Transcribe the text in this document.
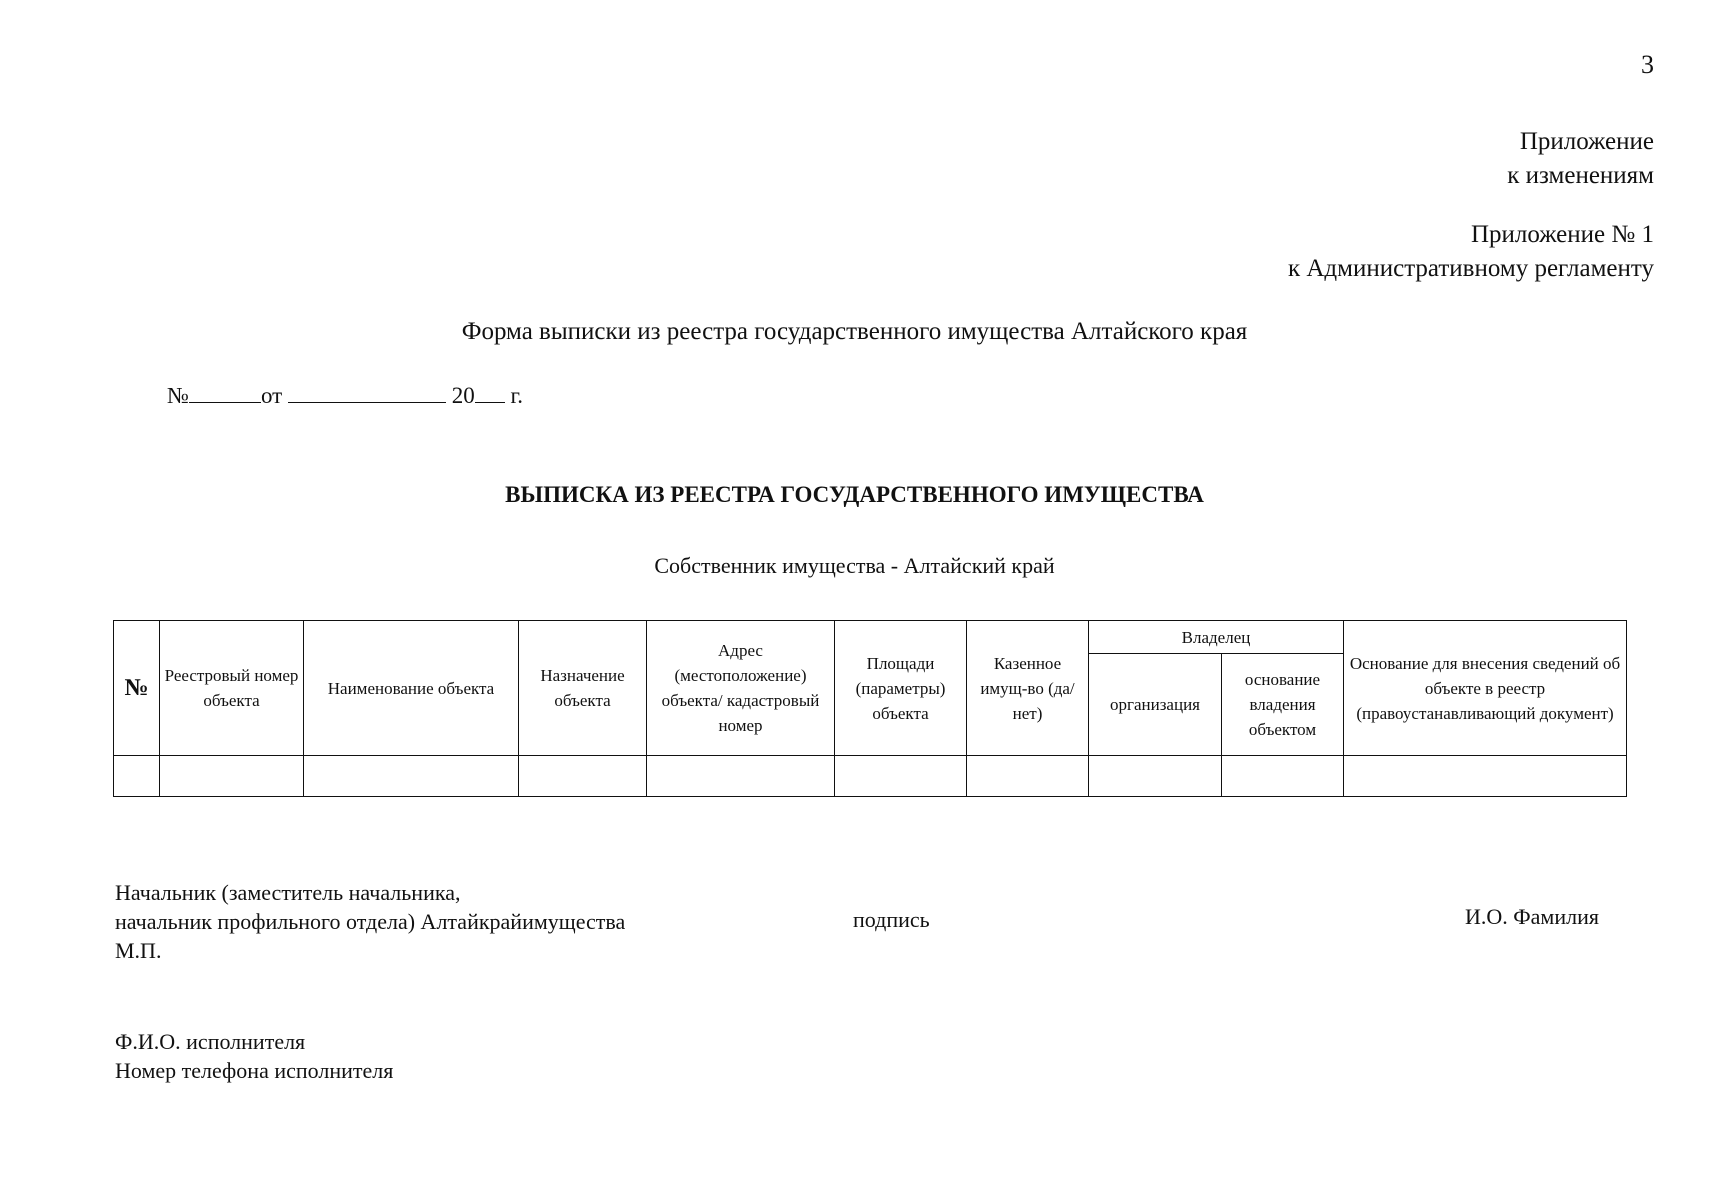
3
Приложение
к изменениям
Приложение № 1
к Административному регламенту
Форма выписки из реестра государственного имущества Алтайского края
№	от	20 г.
ВЫПИСКА ИЗ РЕЕСТРА ГОСУДАРСТВЕННОГО ИМУЩЕСТВА
Собственник имущества - Алтайский край
№	Реестровый номер объекта	Наименование объекта	Назначение объекта	Адрес (местоположение) объекта/ кадастровый номер	Площади (параметры) объекта	Казенное имущ-во (да/нет)	Владелец		Основание для внесения сведений об объекте в реестр (правоустанавливающий документ)
							организация	основание владения объектом	

Начальник (заместитель начальника,
начальник профильного отдела) Алтайкрайимущества
М.П.
подпись	И.О. Фамилия
Ф.И.О. исполнителя
Номер телефона исполнителя
